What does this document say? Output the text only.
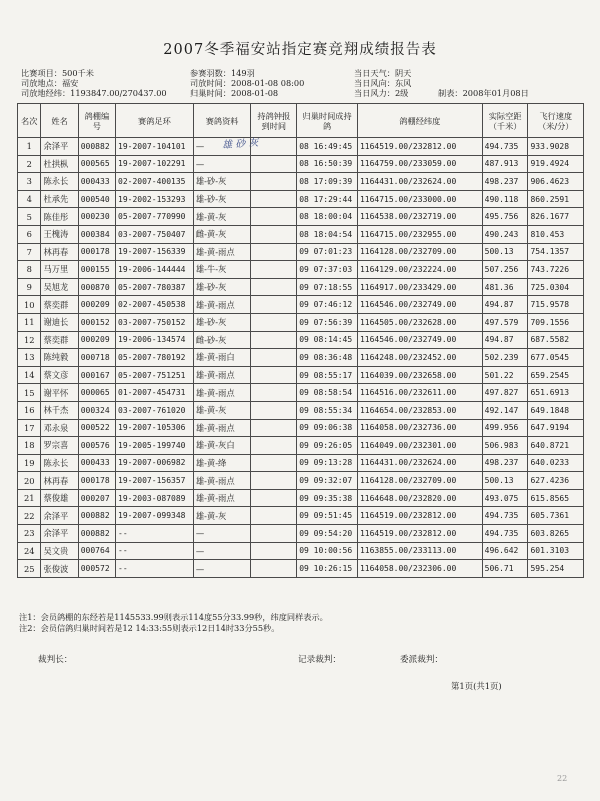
2007冬季福安站指定赛竞翔成绩报告表
比赛项目：500千米
司放地点：福安
司放地经纬：1193847.00/270437.00
参赛羽数：149羽
司放时间：2008-01-08 08:00
归巢时间：2008-01-08
当日天气：阴天
当日风向：东风
当日风力：2级	制表：2008年01月08日
名次	姓名	鸽棚编号	赛鸽足环	赛鸽资料	持鸽钟报到时间	归巢时间成持鸽	鸽棚经纬度	实际空距（千米）	飞行速度（米/分）
1	余泽平	000882	19-2007-104101	—		08 16:49:45	1164519.00/232812.00	494.735	933.9028
2	杜拱枞	000565	19-2007-102291	—		08 16:50:39	1164759.00/233059.00	487.913	919.4924
3	陈永长	000433	02-2007-400135	雄-砂-灰		08 17:09:39	1164431.00/232624.00	498.237	906.4623
4	杜承先	000540	19-2002-153293	雄-砂-灰		08 17:29:44	1164715.00/233000.00	490.118	860.2591
5	陈佳彤	000230	05-2007-770990	雄-黄-灰		08 18:00:04	1164538.00/232719.00	495.756	826.1677
6	王槐涛	000384	03-2007-750407	雌-黄-灰		08 18:04:54	1164715.00/232955.00	490.243	810.453
7	林再春	000178	19-2007-156339	雄-黄-雨点		09 07:01:23	1164128.00/232709.00	500.13	754.1357
8	马万里	000155	19-2006-144444	雄-牛-灰		09 07:37:03	1164129.00/232224.00	507.256	743.7226
9	吴旭龙	000870	05-2007-780387	雄-砂-灰		09 07:18:55	1164917.00/233429.00	481.36	725.0304
10	蔡奕群	000209	02-2007-450538	雄-黄-雨点		09 07:46:12	1164546.00/232749.00	494.87	715.9578
11	谢迪长	000152	03-2007-750152	雄-砂-灰		09 07:56:39	1164505.00/232628.00	497.579	709.1556
12	蔡奕群	000209	19-2006-134574	雌-砂-灰		09 08:14:45	1164546.00/232749.00	494.87	687.5582
13	陈纯毅	000718	05-2007-780192	雄-黄-雨白		09 08:36:48	1164248.00/232452.00	502.239	677.0545
14	蔡文彦	000167	05-2007-751251	雄-黄-雨点		09 08:55:17	1164039.00/232658.00	501.22	659.2545
15	谢平怀	000065	01-2007-454731	雄-黄-雨点		09 08:58:54	1164516.00/232611.00	497.827	651.6913
16	林千杰	000324	03-2007-761020	雄-黄-灰		09 08:55:34	1164654.00/232853.00	492.147	649.1848
17	邓永泉	000522	19-2007-105306	雄-黄-雨点		09 09:06:38	1164058.00/232736.00	499.956	647.9194
18	罗宗喜	000576	19-2005-199740	雄-黄-灰白		09 09:26:05	1164049.00/232301.00	506.983	640.8721
19	陈永长	000433	19-2007-006982	雄-黄-绛		09 09:13:28	1164431.00/232624.00	498.237	640.0233
20	林再春	000178	19-2007-156357	雄-黄-雨点		09 09:32:07	1164128.00/232709.00	500.13	627.4236
21	蔡俊雄	000207	19-2003-087089	雄-黄-雨点		09 09:35:38	1164648.00/232820.00	493.075	615.8565
22	余泽平	000882	19-2007-099348	雄-黄-灰		09 09:51:45	1164519.00/232812.00	494.735	605.7361
23	余泽平	000882	--	—		09 09:54:20	1164519.00/232812.00	494.735	603.8265
24	吴文贵	000764	--	—		09 10:00:56	1163855.00/233113.00	496.642	601.3103
25	张俊波	000572	--	—		09 10:26:15	1164058.00/232306.00	506.71	595.254
雄 砂 灰
注1：会员鸽棚的东经若是1145533.99则表示114度55分33.99秒，纬度同样表示。
注2：会员信鸽归巢时间若是12 14:33:55则表示12日14时33分55秒。
裁判长：	记录裁判：	委派裁判：
第1页(共1页)
22
